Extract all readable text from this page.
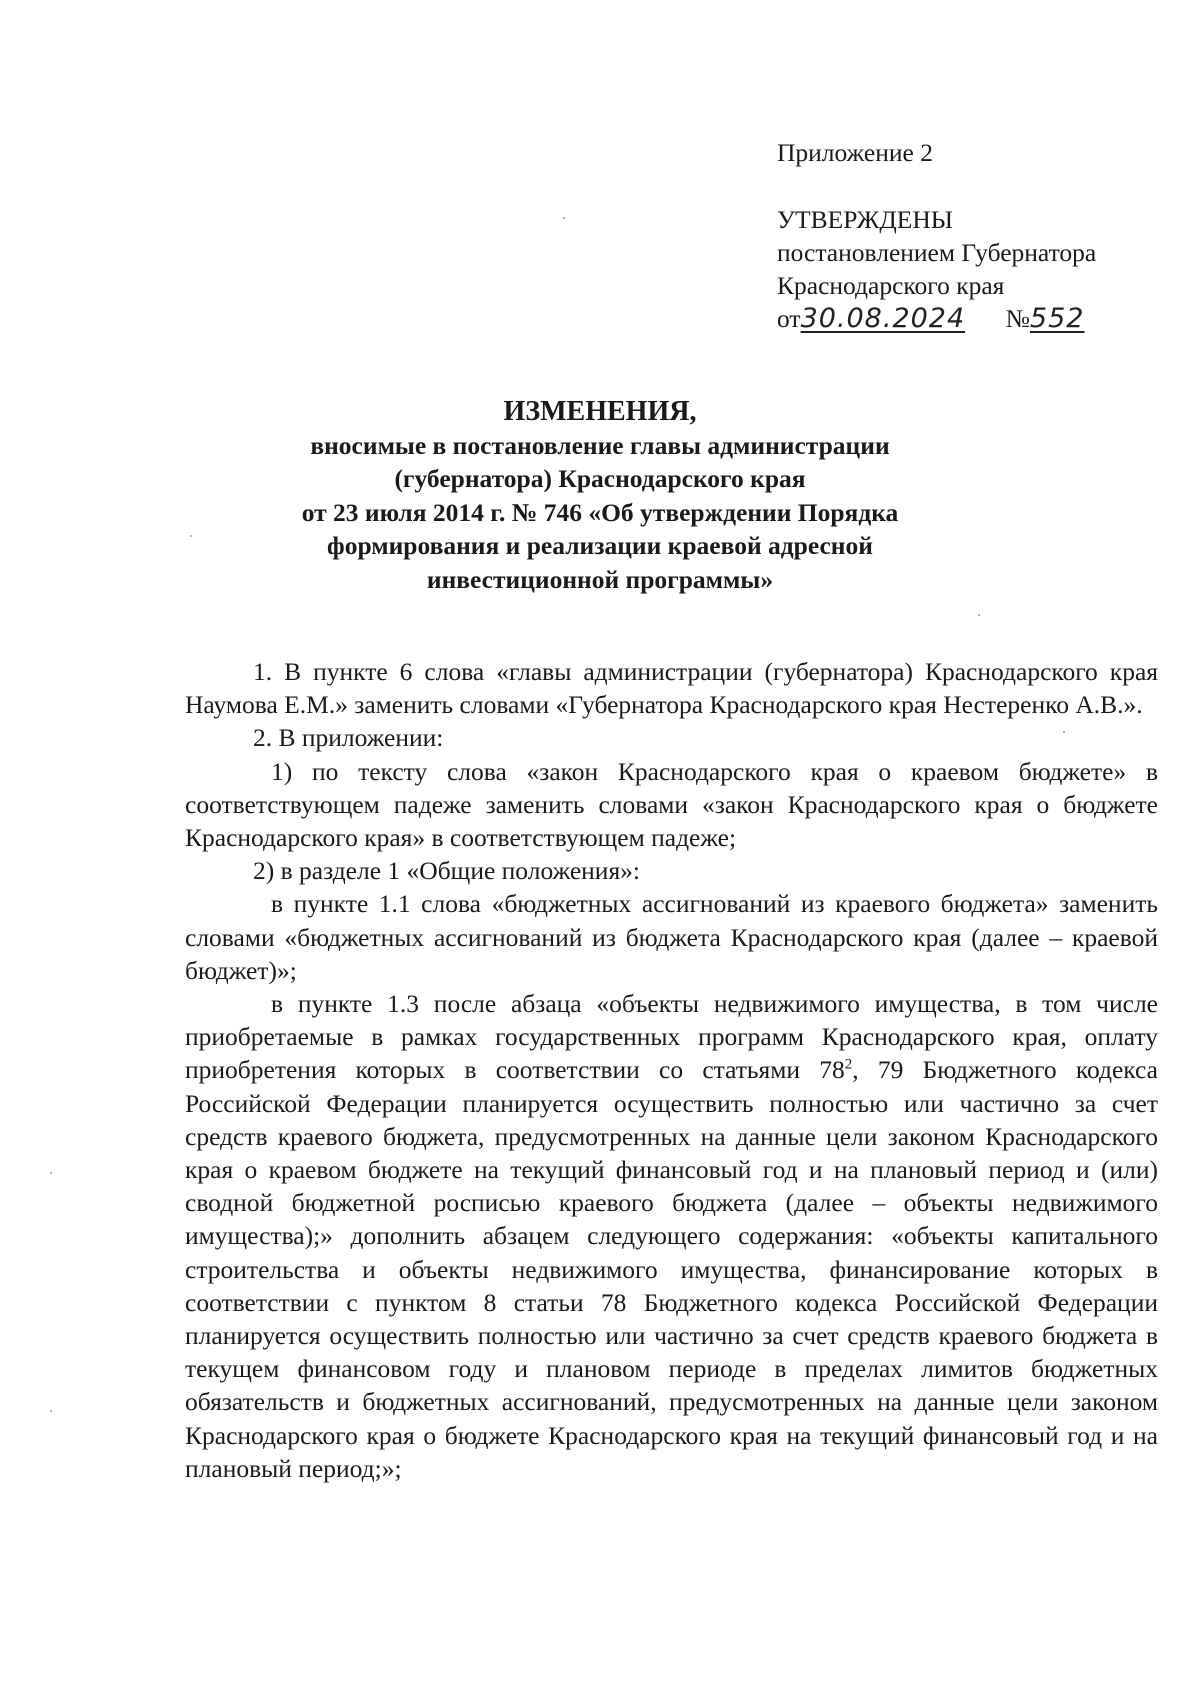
Приложение 2
УТВЕРЖДЕНЫ
постановлением Губернатора
Краснодарского края
от30.08.2024 №552
ИЗМЕНЕНИЯ,
вносимые в постановление главы администрации
(губернатора) Краснодарского края
от 23 июля 2014 г. № 746 «Об утверждении Порядка
формирования и реализации краевой адресной
инвестиционной программы»

1. В пункте 6 слова «главы администрации (губернатора) Краснодарского края Наумова Е.М.» заменить словами «Губернатора Краснодарского края Нестеренко А.В.».

2. В приложении:

1) по тексту слова «закон Краснодарского края о краевом бюджете» в соответствующем падеже заменить словами «закон Краснодарского края о бюджете Краснодарского края» в соответствующем падеже;

2) в разделе 1 «Общие положения»:

в пункте 1.1 слова «бюджетных ассигнований из краевого бюджета» заменить словами «бюджетных ассигнований из бюджета Краснодарского края (далее – краевой бюджет)»;

в пункте 1.3 после абзаца «объекты недвижимого имущества, в том числе приобретаемые в рамках государственных программ Краснодарского края, оплату приобретения которых в соответствии со статьями $78^2$, 79 Бюджетного кодекса Российской Федерации планируется осуществить полностью или частично за счет средств краевого бюджета, предусмотренных на данные цели законом Краснодарского края о краевом бюджете на текущий финансовый год и на плановый период и (или) сводной бюджетной росписью краевого бюджета (далее – объекты недвижимого имущества);» дополнить абзацем следующего содержания: «объекты капитального строительства и объекты недвижимого имущества, финансирование которых в соответствии с пунктом 8 статьи 78 Бюджетного кодекса Российской Федерации планируется осуществить полностью или частично за счет средств краевого бюджета в текущем финансовом году и плановом периоде в пределах лимитов бюджетных обязательств и бюджетных ассигнований, предусмотренных на данные цели законом Краснодарского края о бюджете Краснодарского края на текущий финансовый год и на плановый период;»;
